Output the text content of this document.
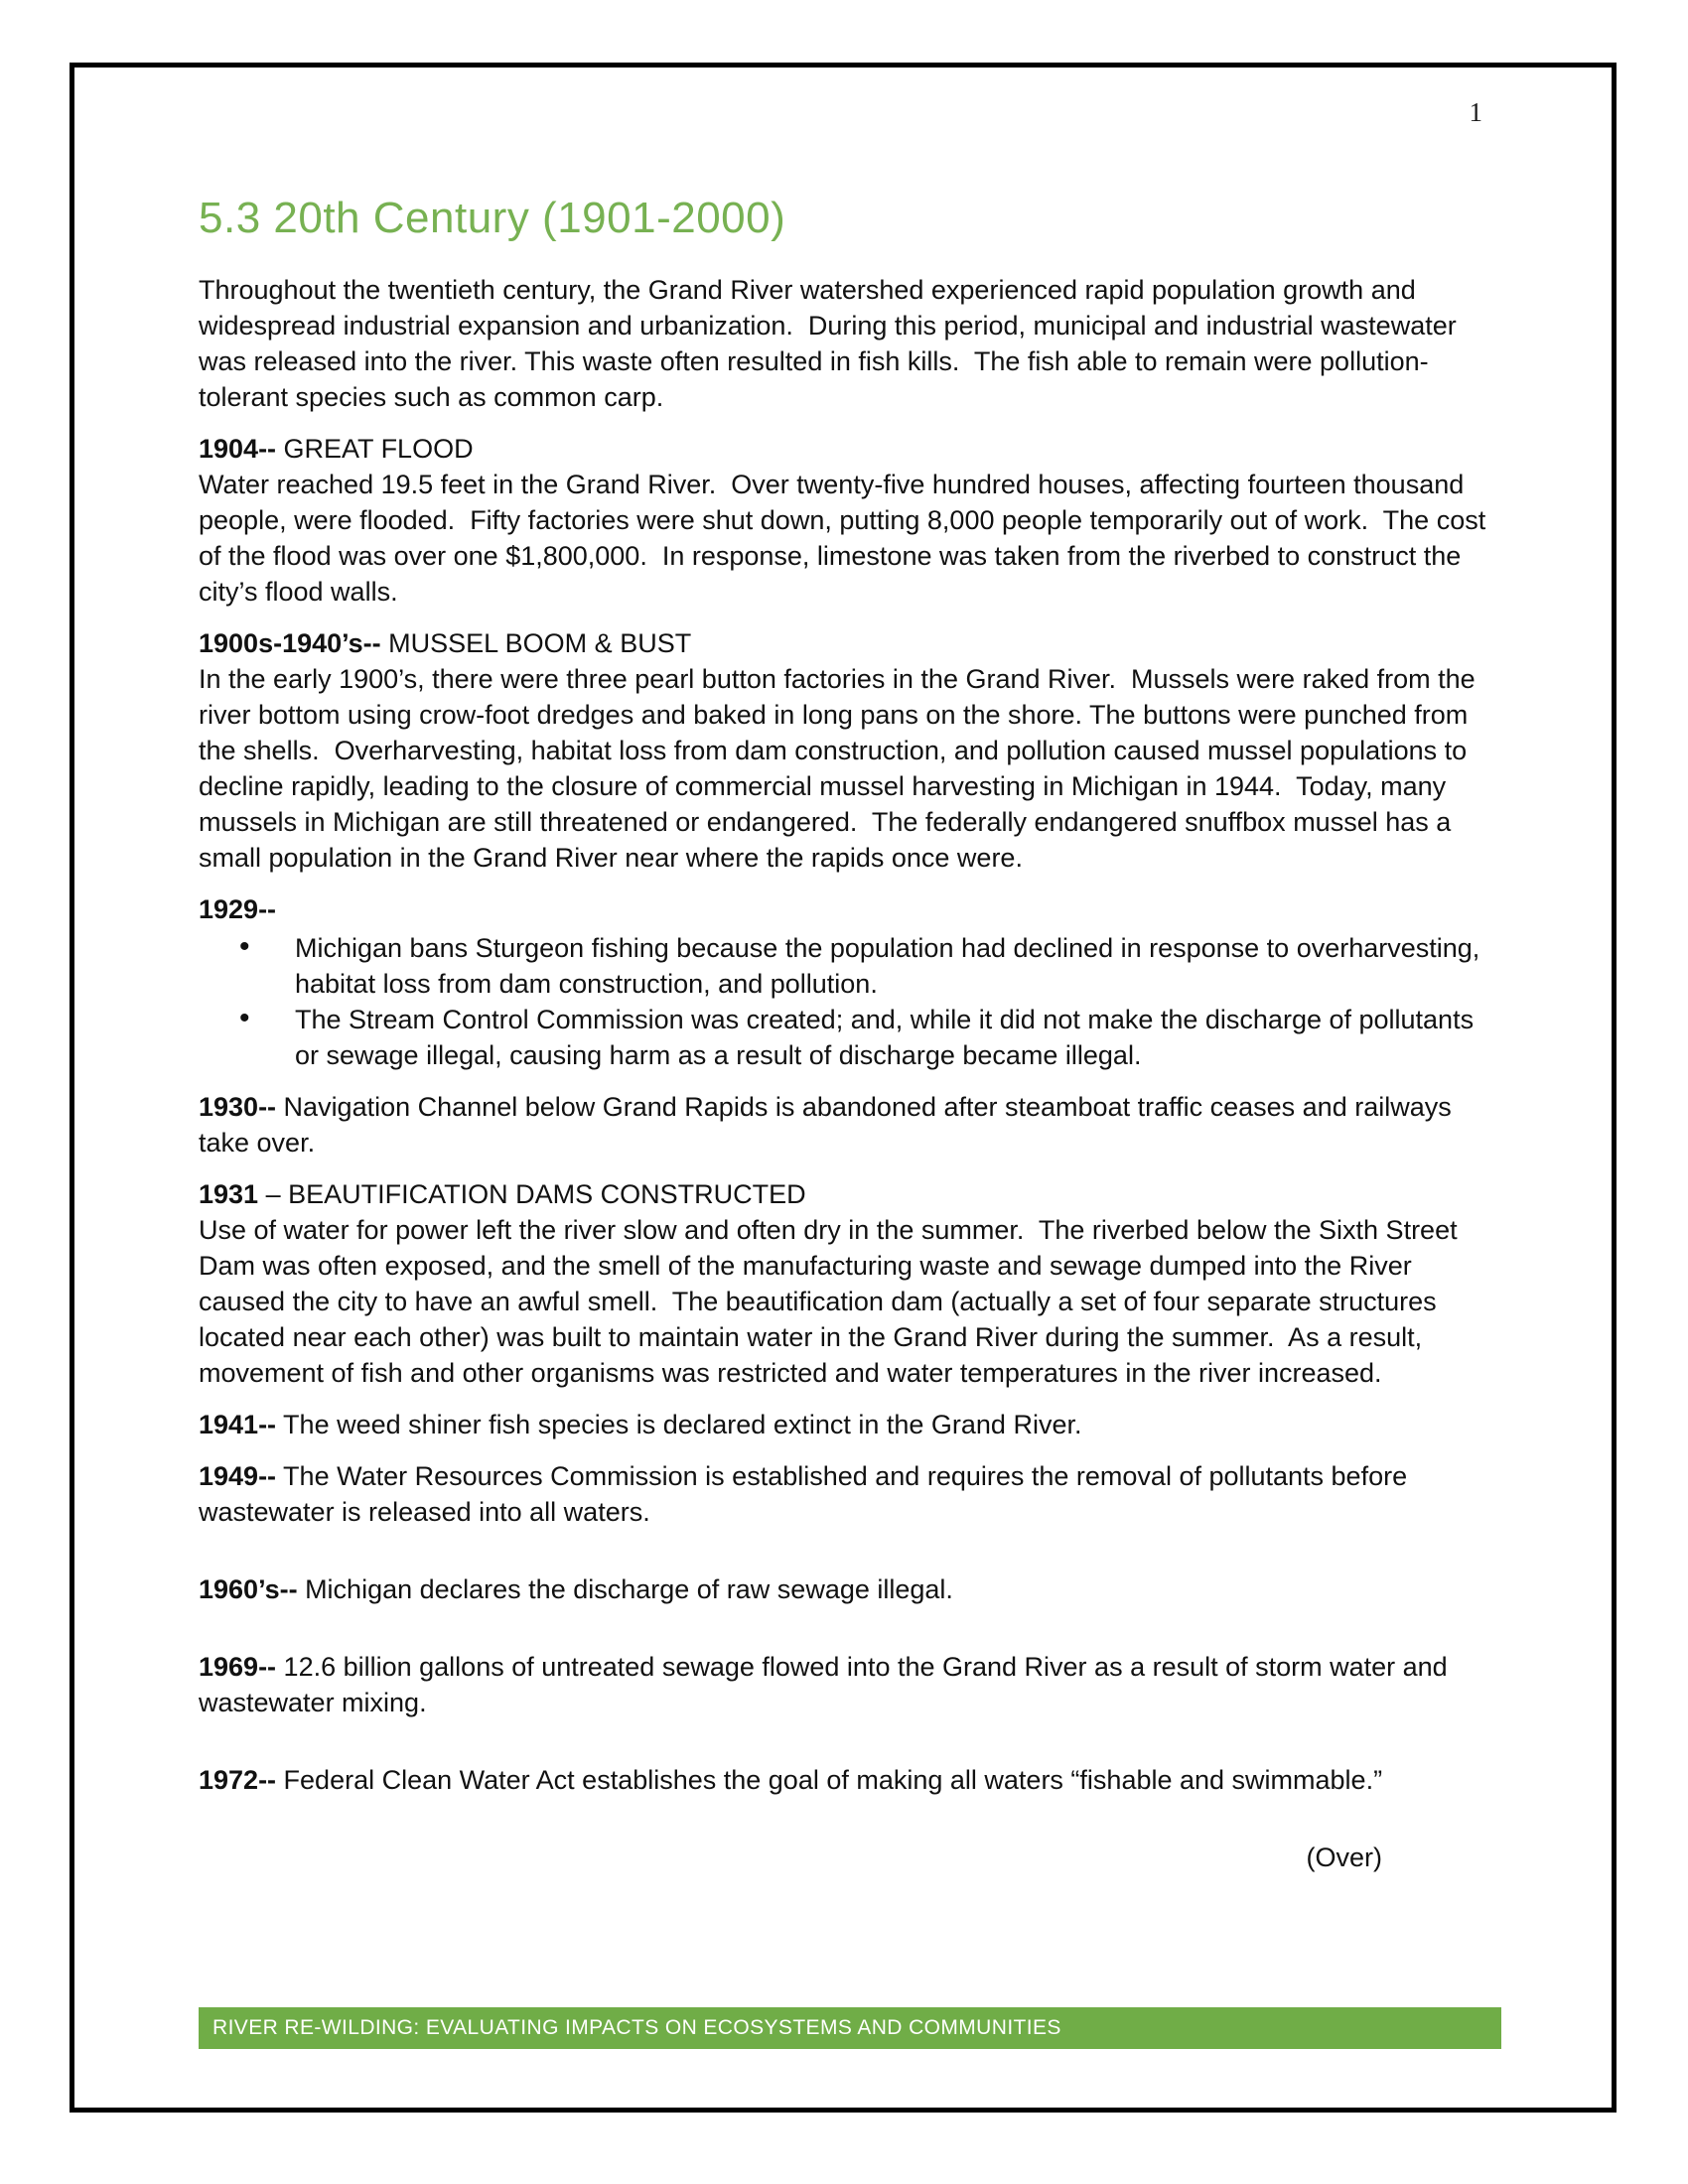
1
5.3 20th Century (1901-2000)

Throughout the twentieth century, the Grand River watershed experienced rapid population growth and widespread industrial expansion and urbanization.  During this period, municipal and industrial wastewater was released into the river. This waste often resulted in fish kills.  The fish able to remain were pollution-tolerant species such as common carp.

1904-- GREAT FLOOD

Water reached 19.5 feet in the Grand River.  Over twenty-five hundred houses, affecting fourteen thousand people, were flooded.  Fifty factories were shut down, putting 8,000 people temporarily out of work.  The cost of the flood was over one $1,800,000.  In response, limestone was taken from the riverbed to construct the city’s flood walls.

1900s-1940’s-- MUSSEL BOOM & BUST

In the early 1900’s, there were three pearl button factories in the Grand River.  Mussels were raked from the river bottom using crow-foot dredges and baked in long pans on the shore. The buttons were punched from the shells.  Overharvesting, habitat loss from dam construction, and pollution caused mussel populations to decline rapidly, leading to the closure of commercial mussel harvesting in Michigan in 1944.  Today, many mussels in Michigan are still threatened or endangered.  The federally endangered snuffbox mussel has a small population in the Grand River near where the rapids once were.

1929--

• Michigan bans Sturgeon fishing because the population had declined in response to overharvesting, habitat loss from dam construction, and pollution.
• The Stream Control Commission was created; and, while it did not make the discharge of pollutants or sewage illegal, causing harm as a result of discharge became illegal.

1930-- Navigation Channel below Grand Rapids is abandoned after steamboat traffic ceases and railways take over.

1931 – BEAUTIFICATION DAMS CONSTRUCTED

Use of water for power left the river slow and often dry in the summer.  The riverbed below the Sixth Street Dam was often exposed, and the smell of the manufacturing waste and sewage dumped into the River caused the city to have an awful smell.  The beautification dam (actually a set of four separate structures located near each other) was built to maintain water in the Grand River during the summer.  As a result, movement of fish and other organisms was restricted and water temperatures in the river increased.

1941-- The weed shiner fish species is declared extinct in the Grand River.

1949-- The Water Resources Commission is established and requires the removal of pollutants before wastewater is released into all waters.

1960’s-- Michigan declares the discharge of raw sewage illegal.

1969-- 12.6 billion gallons of untreated sewage flowed into the Grand River as a result of storm water and wastewater mixing.

1972-- Federal Clean Water Act establishes the goal of making all waters “fishable and swimmable.”

(Over)
RIVER RE-WILDING: EVALUATING IMPACTS ON ECOSYSTEMS AND COMMUNITIES
